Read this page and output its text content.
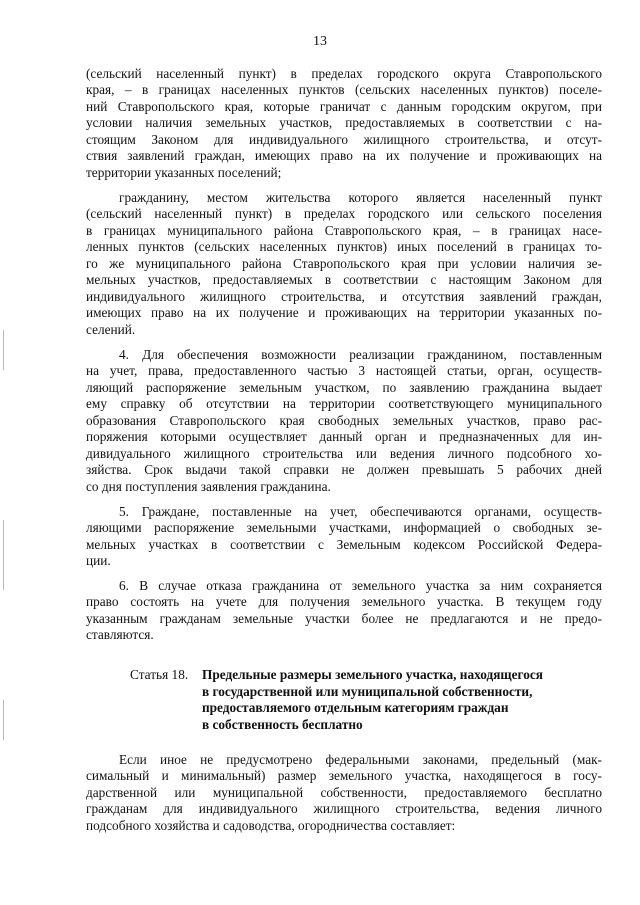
13
(сельский населенный пункт) в пределах городского округа Ставропольского
края, – в границах населенных пунктов (сельских населенных пунктов) поселе-
ний Ставропольского края, которые граничат с данным городским округом, при
условии наличия земельных участков, предоставляемых в соответствии с на-
стоящим Законом для индивидуального жилищного строительства, и отсут-
ствия заявлений граждан, имеющих право на их получение и проживающих на
территории указанных поселений;
гражданину, местом жительства которого является населенный пункт
(сельский населенный пункт) в пределах городского или сельского поселения
в границах муниципального района Ставропольского края, – в границах насе-
ленных пунктов (сельских населенных пунктов) иных поселений в границах то-
го же муниципального района Ставропольского края при условии наличия зе-
мельных участков, предоставляемых в соответствии с настоящим Законом для
индивидуального жилищного строительства, и отсутствия заявлений граждан,
имеющих право на их получение и проживающих на территории указанных по-
селений.
4. Для обеспечения возможности реализации гражданином, поставленным
на учет, права, предоставленного частью 3 настоящей статьи, орган, осуществ-
ляющий распоряжение земельным участком, по заявлению гражданина выдает
ему справку об отсутствии на территории соответствующего муниципального
образования Ставропольского края свободных земельных участков, право рас-
поряжения которыми осуществляет данный орган и предназначенных для ин-
дивидуального жилищного строительства или ведения личного подсобного хо-
зяйства. Срок выдачи такой справки не должен превышать 5 рабочих дней
со дня поступления заявления гражданина.
5. Граждане, поставленные на учет, обеспечиваются органами, осуществ-
ляющими распоряжение земельными участками, информацией о свободных зе-
мельных участках в соответствии с Земельным кодексом Российской Федера-
ции.
6. В случае отказа гражданина от земельного участка за ним сохраняется
право состоять на учете для получения земельного участка. В текущем году
указанным гражданам земельные участки более не предлагаются и не предо-
ставляются.
Статья 18. Предельные размеры земельного участка, находящегося
в государственной или муниципальной собственности,
предоставляемого отдельным категориям граждан
в собственность бесплатно
Если иное не предусмотрено федеральными законами, предельный (мак-
симальный и минимальный) размер земельного участка, находящегося в госу-
дарственной или муниципальной собственности, предоставляемого бесплатно
гражданам для индивидуального жилищного строительства, ведения личного
подсобного хозяйства и садоводства, огородничества составляет:
